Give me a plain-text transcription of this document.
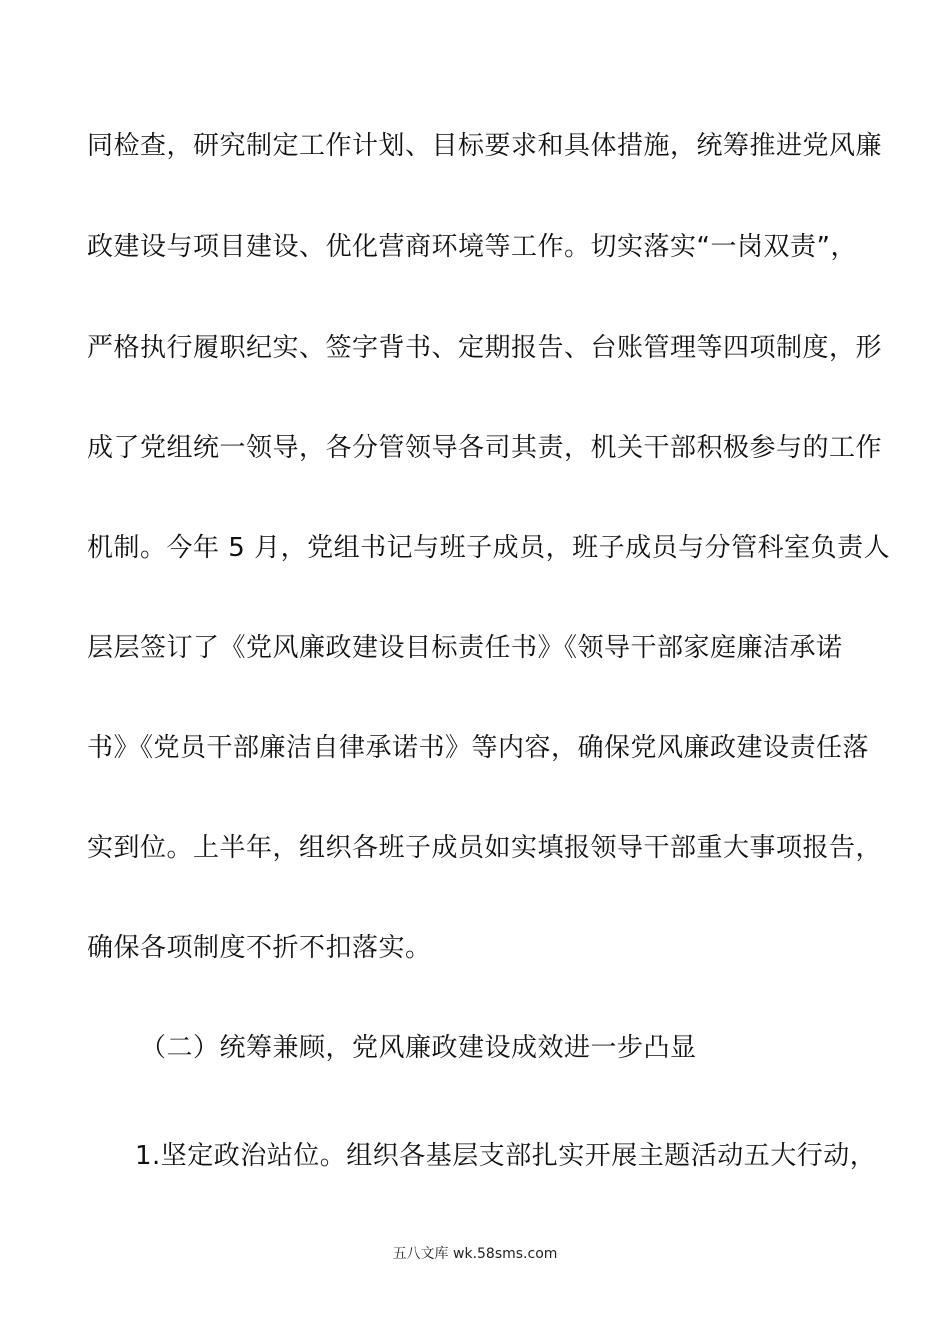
同检查，研究制定工作计划、目标要求和具体措施，统筹推进党风廉
政建设与项目建设、优化营商环境等工作。切实落实“一岗双责”，
严格执行履职纪实、签字背书、定期报告、台账管理等四项制度，形
成了党组统一领导，各分管领导各司其责，机关干部积极参与的工作
机制。今年 5 月，党组书记与班子成员，班子成员与分管科室负责人
层层签订了《党风廉政建设目标责任书》《领导干部家庭廉洁承诺
书》《党员干部廉洁自律承诺书》等内容，确保党风廉政建设责任落
实到位。上半年，组织各班子成员如实填报领导干部重大事项报告，
确保各项制度不折不扣落实。
（二）统筹兼顾，党风廉政建设成效进一步凸显
1.坚定政治站位。组织各基层支部扎实开展主题活动五大行动，
五八文库 wk.58sms.com
